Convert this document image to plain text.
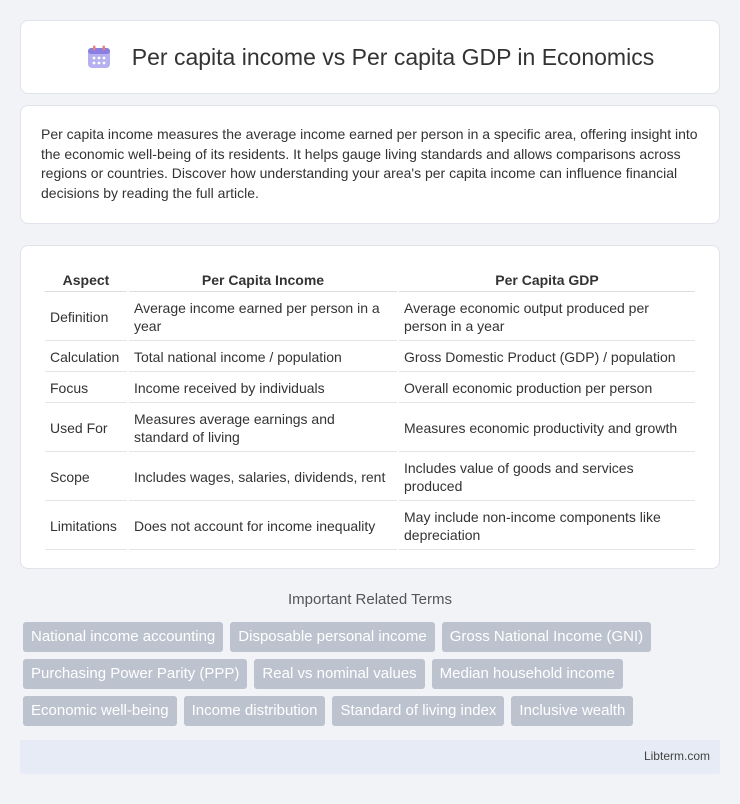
Per capita income vs Per capita GDP in Economics

Per capita income measures the average income earned per person in a specific area, offering insight into the economic well-being of its residents. It helps gauge living standards and allows comparisons across regions or countries. Discover how understanding your area's per capita income can influence financial decisions by reading the full article.

Aspect	Per Capita Income	Per Capita GDP
Definition	Average income earned per person in a year	Average economic output produced per person in a year
Calculation	Total national income / population	Gross Domestic Product (GDP) / population
Focus	Income received by individuals	Overall economic production per person
Used For	Measures average earnings and standard of living	Measures economic productivity and growth
Scope	Includes wages, salaries, dividends, rent	Includes value of goods and services produced
Limitations	Does not account for income inequality	May include non-income components like depreciation
Important Related Terms
National income accounting	Disposable personal income	Gross National Income (GNI)
Purchasing Power Parity (PPP)	Real vs nominal values	Median household income
Economic well-being	Income distribution	Standard of living index	Inclusive wealth
Libterm.com
